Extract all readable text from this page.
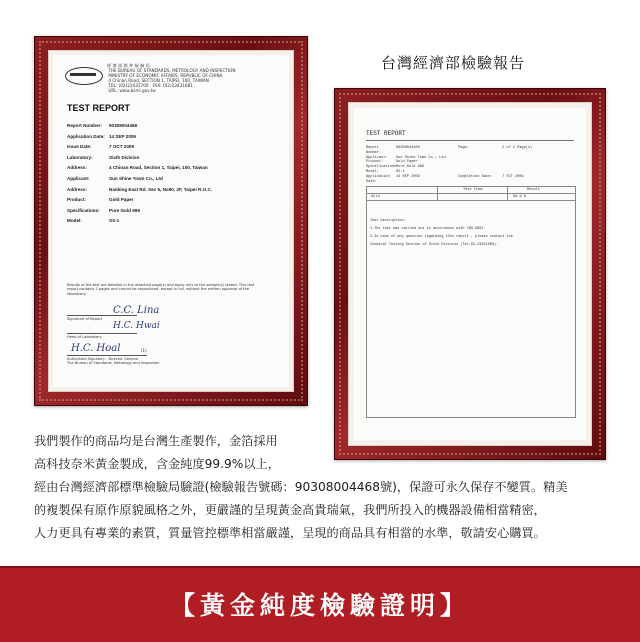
經 濟 部 標 準 檢 驗 局
THE BUREAU OF STANDARDS, METROLOGY AND INSPECTION
MINISTRY OF ECONOMIC AFFAIRS, REPUBLIC OF CHINA
4 Chinan Road, SECTION 1, TAIPEI, 100, TAIWAN
TEL: (02)23431700   FAX: (02)23431681
URL: www.bsmi.gov.tw
TEST REPORT
Report Number:	90308004468
Application Date: 14 SEP 2009
Issue Date:	7 OCT 2009
Laboratory:	Sixth Division
Address:	4 Chinan Road, Section 1, Taipei, 100, Taiwan
Applicant:	Sun Shine Town Co., Ltd
Address:	Nanking East Rd. Sec 5, No90, 2F, Taipei R.O.C.
Product:	Gold Paper
Specifications:	Pure Gold 999
Model:	SS-1
Results of the test are detailed in the attached page(s) and apply only to the sample(s) tested. This test report contains 2 pages and cannot be reproduced, except in full, without the written approval of the laboratory.
C.C. Lina
Signature of Report
H.C. Hwai
Head of Laboratory
H.C. Hoal	(1)
Authorized Signatory - Director General
The Bureau of Standards, Metrology and Inspection
台灣經濟部檢驗報告
TEST REPORT
Report Number:
90308004468	Page:	2 of 2 Page(s)
Applicant:	Sun Shine Town Co., Ltd
Product:	Gold Paper
Specifications:
Pure Gold 999
Model:	SS-1
Application Date:
14 SEP 2009	Completion Date:	7 OCT 2009
Test Item	Result
Gold	99.9 %
Test Description:
1.The test was carried out in accordance with CNS 9862.
2.In case of any question regarding this report , please contact the
Chemical Testing Section of Sixth Division (Tel:02-23431809).
我們製作的商品均是台灣生產製作，金箔採用
高科技奈米黃金製成，含金純度99.9%以上，
經由台灣經濟部標準檢驗局驗證(檢驗報告號碼：90308004468號)，保證可永久保存不變質。精美
的複製保有原作原貌風格之外，更嚴謹的呈現黃金高貴瑞氣，我們所投入的機器設備相當精密，
人力更具有專業的素質，質量管控標準相當嚴謹，呈現的商品具有相當的水準，敬請安心購買。
【黃金純度檢驗證明】
